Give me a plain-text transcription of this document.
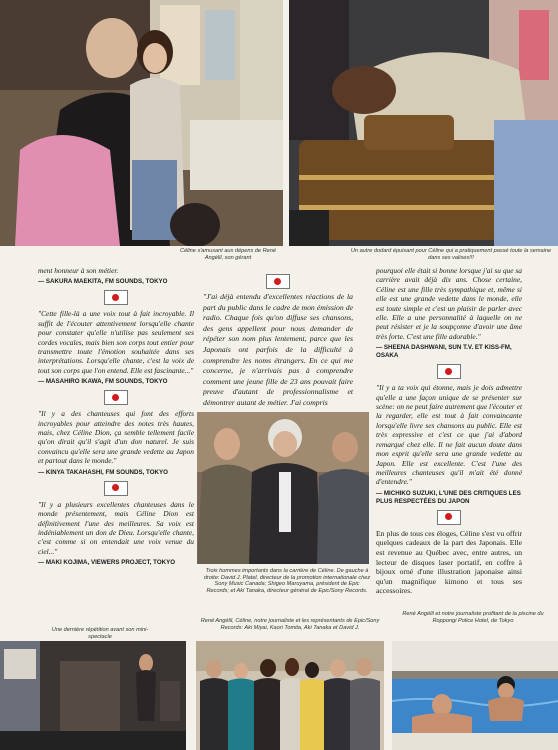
Céline s'amusant aux dépens de René Angélil, son gérant
Un autre dodard épuisant pour Céline qui a pratiquement passé toute la semaine dans ses valises!!!

ment honneur à son métier.

— SAKURA MAEKITA, FM SOUNDS, TOKYO

"Cette fille-là a une voix tout à fait incroyable. Il suffit de l'écouter attentivement lorsqu'elle chante pour constater qu'elle n'utilise pas seulement ses cordes vocales, mais bien son corps tout entier pour transmettre toute l'émotion souhaitée dans ses interprétations. Lorsqu'elle chante, c'est la voix de tout son corps que l'on entend. Elle est fascinante..."

— MASAHIRO IKAWA, FM SOUNDS, TOKYO

"Il y a des chanteuses qui font des efforts incroyables pour atteindre des notes très hautes, mais, chez Céline Dion, ça semble tellement facile qu'on dirait qu'il s'agit d'un don naturel. Je suis convaincu qu'elle sera une grande vedette au Japon et partout dans le monde."

— KINYA TAKAHASHI, FM SOUNDS, TOKYO

"Il y a plusieurs excellentes chanteuses dans le monde présentement, mais Céline Dion est définitivement l'une des meilleures. Sa voix est indéniablement un don de Dieu. Lorsqu'elle chante, c'est comme si on entendait une voix venue du ciel..."

— MAKI KOJIMA, VIEWERS PROJECT, TOKYO

Une dernière répétition avant son mini-spectacle

"J'ai déjà entendu d'excellentes réactions de la part du public dans le cadre de mon émission de radio. Chaque fois qu'on diffuse ses chansons, des gens appellent pour nous demander de répéter son nom plus lentement, parce que les Japonais ont parfois de la difficulté à comprendre les noms étrangers. En ce qui me concerne, je n'arrivais pas à comprendre comment une jeune fille de 23 ans pouvait faire preuve d'autant de professionnalisme et démontrer autant de métier. J'ai compris

Trois hommes importants dans la carrière de Céline. De gauche à droite: David J. Platel, directeur de la promotion internationale chez Sony Music Canada; Shigeo Maruyama, président de Epic Records; et Aki Tanaka, directeur général de Epic/Sony Records.

pourquoi elle était si bonne lorsque j'ai su que sa carrière avait déjà dix ans. Chose certaine, Céline est une fille très sympathique et, même si elle est une grande vedette dans le monde, elle est toute simple et c'est un plaisir de parler avec elle. Elle a une personnalité à laquelle on ne peut résister et je la soupçonne d'avoir une âme très forte. C'est une fille adorable."

— SHEENA DASHWANI, SUN T.V. ET KISS-FM, OSAKA

"Il y a ta voix qui étonne, mais je dois admettre qu'elle a une façon unique de se présenter sur scène: on ne peut faire autrement que l'écouter et la regarder, elle est tout à fait convaincante lorsqu'elle livre ses chansons au public. Elle est très expressive et c'est ce que j'ai d'abord remarqué chez elle. Il ne fait aucun doute dans mon esprit qu'elle sera une grande vedette au Japon. Elle est excellente. C'est l'une des meilleures chanteuses qu'il m'ait été donné d'entendre."

— MICHIKO SUZUKI, L'UNE DES CRITIQUES LES PLUS RESPECTÉES DU JAPON

En plus de tous ces éloges, Céline s'est vu offrir quelques cadeaux de la part des Japonais. Elle est revenue au Québec avec, entre autres, un lecteur de disques laser portatif, en coffre à bijoux orné d'une illustration japonaise ainsi qu'un magnifique kimono et tous ses accessoires.

René Angélil et notre journaliste profitant de la piscine du Roppongi Police Hotel, de Tokyo
René Angélil, Céline, notre journaliste et les représentants de Epic/Sony Records: Aki Miyai, Kaori Tomita, Aki Tanaka et David J.
